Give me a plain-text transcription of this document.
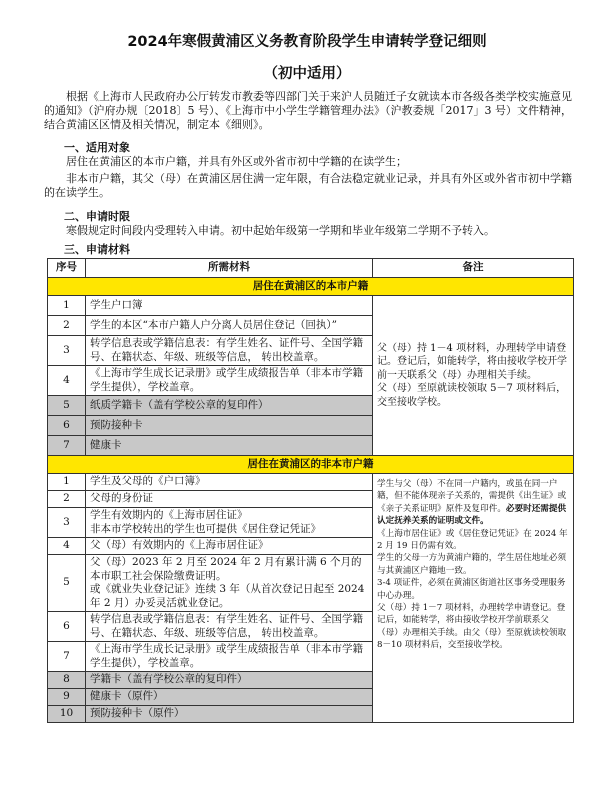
2024年寒假黄浦区义务教育阶段学生申请转学登记细则
（初中适用）
根据《上海市人民政府办公厅转发市教委等四部门关于来沪人员随迁子女就读本市各级各类学校实施意见的通知》（沪府办规〔2018〕5 号）、《上海市中小学生学籍管理办法》（沪教委规「2017」3 号）文件精神，结合黄浦区区情及相关情况，制定本《细则》。
一、适用对象
居住在黄浦区的本市户籍，并具有外区或外省市初中学籍的在读学生；
非本市户籍，其父（母）在黄浦区居住满一定年限，有合法稳定就业记录，并具有外区或外省市初中学籍的在读学生。
二、申请时限
寒假规定时间段内受理转入申请。初中起始年级第一学期和毕业年级第二学期不予转入。
三、申请材料
序号	所需材料	备注
居住在黄浦区的本市户籍		
1	学生户口簿	父（母）持 1－4 项材料，办理转学申请登记。登记后，如能转学，将由接收学校开学前一天联系父（母）办理相关手续。
父（母）至原就读校领取 5－7 项材料后，交至接收学校。
2	学生的本区“本市户籍人户分离人员居住登记（回执）”	
3	转学信息表或学籍信息表：有学生姓名、证件号、全国学籍号、在籍状态、年级、班级等信息， 转出校盖章。	
4	《上海市学生成长记录册》或学生成绩报告单（非本市学籍学生提供），学校盖章。	
5	纸质学籍卡（盖有学校公章的复印件）	
6	预防接种卡	
7	健康卡	
居住在黄浦区的非本市户籍		
1	学生及父母的《户口簿》	学生与父（母）不在同一户籍内，或虽在同一户籍，但不能体现亲子关系的，需提供《出生证》或《亲子关系证明》原件及复印件。必要时还需提供认定抚养关系的证明或文件。
《上海市居住证》或《居住登记凭证》在 2024 年 2 月 19 日仍需有效。
学生的父母一方为黄浦户籍的，学生居住地址必须与其黄浦区户籍地一致。
3-4 项证件，必须在黄浦区街道社区事务受理服务中心办理。
父（母）持 1－7 项材料，办理转学申请登记。登记后，如能转学，将由接收学校开学前联系父（母）办理相关手续。由父（母）至原就读校领取 8－10 项材料后，交至接收学校。
2	父母的身份证	
3	学生有效期内的《上海市居住证》
非本市学校转出的学生也可提供《居住登记凭证》	
4	父（母）有效期内的《上海市居住证》	
5	父（母）2023 年 2 月至 2024 年 2 月有累计满 6 个月的本市职工社会保险缴费证明。
或《就业失业登记证》连续 3 年（从首次登记日起至 2024 年 2 月）办妥灵活就业登记。	
6	转学信息表或学籍信息表：有学生姓名、证件号、全国学籍号、在籍状态、年级、班级等信息， 转出校盖章。	
7	《上海市学生成长记录册》或学生成绩报告单（非本市学籍学生提供），学校盖章。	
8	学籍卡（盖有学校公章的复印件）	
9	健康卡（原件）	
10	预防接种卡（原件）	
